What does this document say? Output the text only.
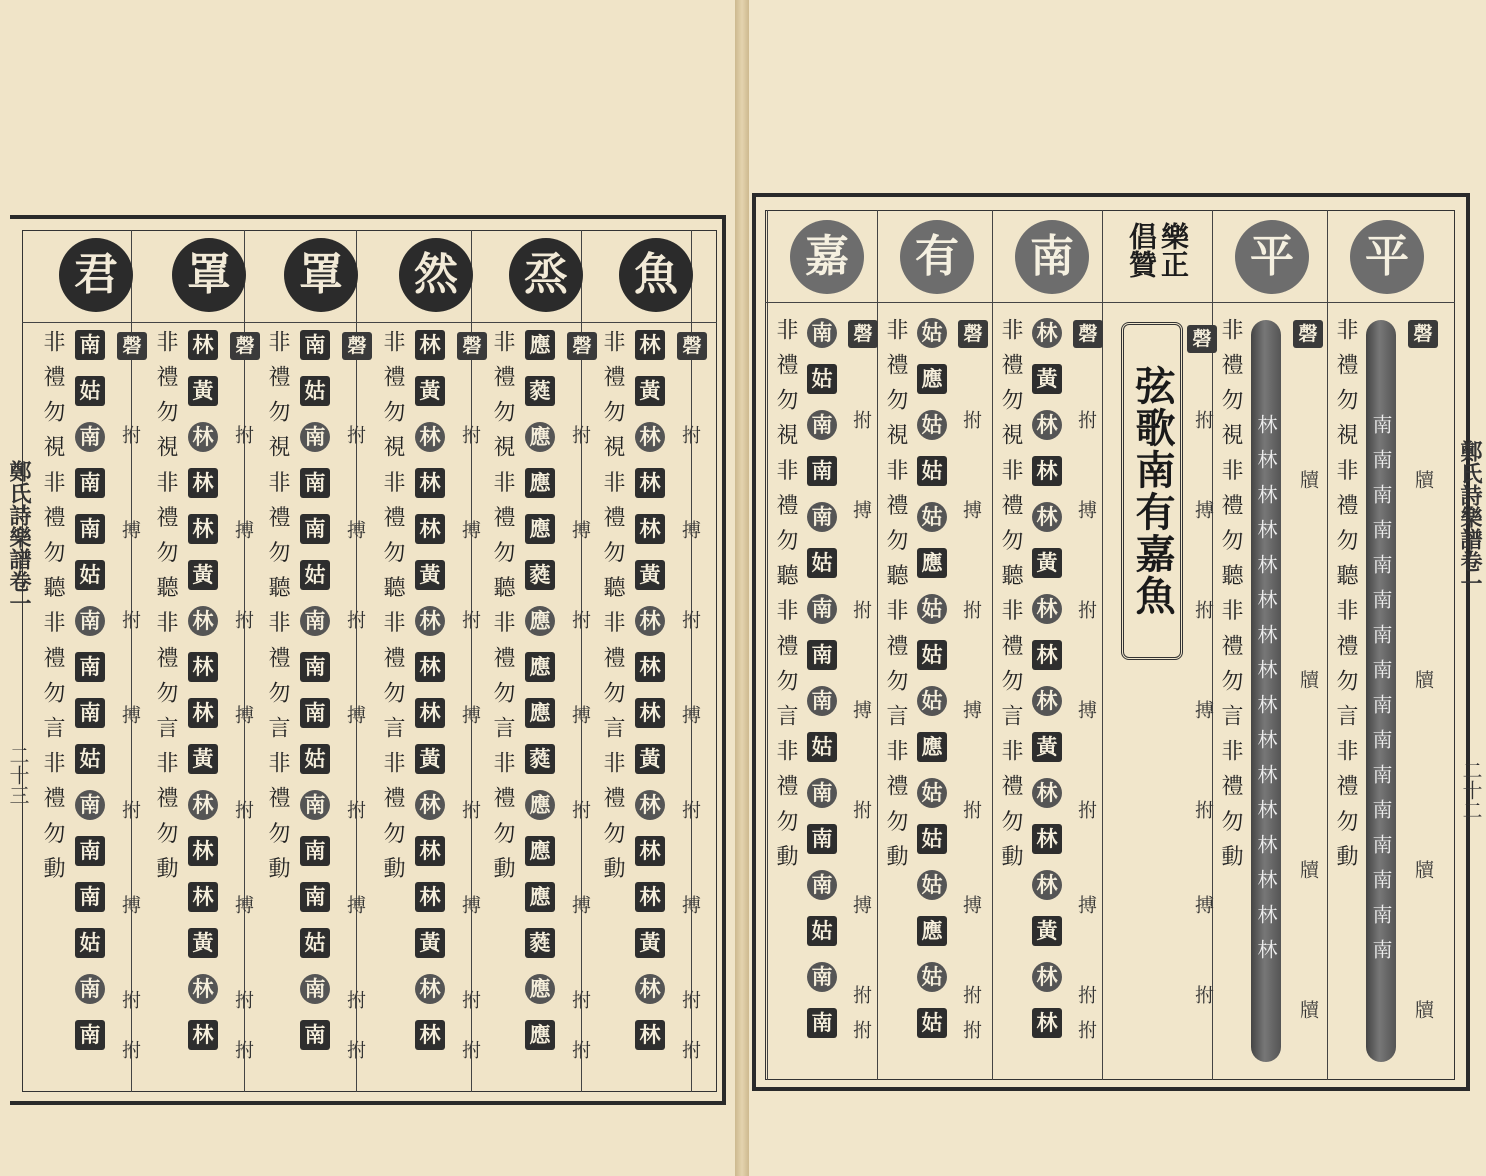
鄭氏詩樂譜卷一
二十三
鄭氏詩樂譜卷一
二十二
弦歌南有嘉魚
魚
磬
非禮勿視非禮勿聽非禮勿言非禮勿動 林
黃
林
林
林
黃
林
林
林
黃
林
林
林
黃
林
林
拊
搏
拊
搏
拊
搏
拊
拊
烝
磬
非禮勿視非禮勿聽非禮勿言非禮勿動 應
蕤
應
應
應
蕤
應
應
應
蕤
應
應
應
蕤
應
應
拊
搏
拊
搏
拊
搏
拊
拊
然
磬
非禮勿視非禮勿聽非禮勿言非禮勿動 林
黃
林
林
林
黃
林
林
林
黃
林
林
林
黃
林
林
拊
搏
拊
搏
拊
搏
拊
拊
罩
磬
非禮勿視非禮勿聽非禮勿言非禮勿動 南
姑
南
南
南
姑
南
南
南
姑
南
南
南
姑
南
南
拊
搏
拊
搏
拊
搏
拊
拊
罩
磬
非禮勿視非禮勿聽非禮勿言非禮勿動 林
黃
林
林
林
黃
林
林
林
黃
林
林
林
黃
林
林
拊
搏
拊
搏
拊
搏
拊
拊
君
磬
非禮勿視非禮勿聽非禮勿言非禮勿動 南
姑
南
南
南
姑
南
南
南
姑
南
南
南
姑
南
南
拊
搏
拊
搏
拊
搏
拊
拊
平
磬
非禮勿視非禮勿聽非禮勿言非禮勿動 南南南南南南南南南南南南南南南南 牘
牘
牘
牘
平
磬
非禮勿視非禮勿聽非禮勿言非禮勿動 林林林林林林林林林林林林林林林林 牘
牘
牘
牘
樂正倡贊
拊
搏
拊
搏
拊
搏
拊
磬
南
磬
非禮勿視非禮勿聽非禮勿言非禮勿動 林
黃
林
林
林
黃
林
林
林
黃
林
林
林
黃
林
林
拊
搏
拊
搏
拊
搏
拊
拊
有
磬
非禮勿視非禮勿聽非禮勿言非禮勿動 姑
應
姑
姑
姑
應
姑
姑
姑
應
姑
姑
姑
應
姑
姑
拊
搏
拊
搏
拊
搏
拊
拊
嘉
磬
非禮勿視非禮勿聽非禮勿言非禮勿動 南
姑
南
南
南
姑
南
南
南
姑
南
南
南
姑
南
南
拊
搏
拊
搏
拊
搏
拊
拊
